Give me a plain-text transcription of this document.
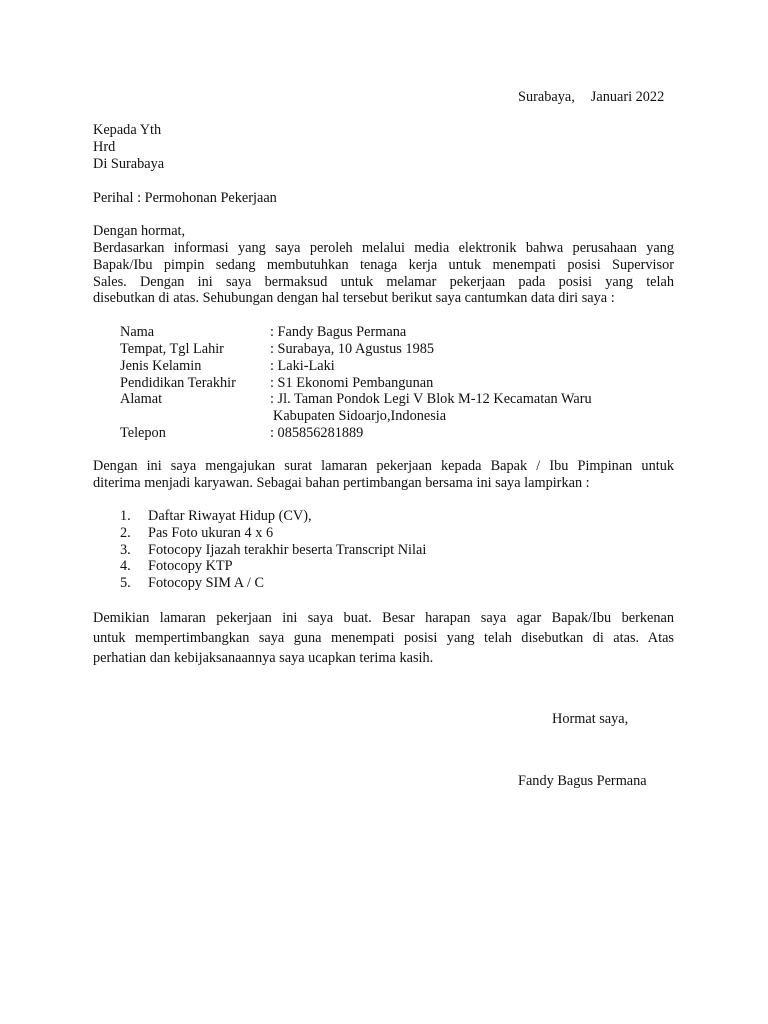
Surabaya, Januari 2022
Kepada Yth
Hrd
Di Surabaya
Perihal : Permohonan Pekerjaan
Dengan hormat,
Berdasarkan informasi yang saya peroleh melalui media elektronik bahwa perusahaan yang
Bapak/Ibu pimpin sedang membutuhkan tenaga kerja untuk menempati posisi Supervisor
Sales. Dengan ini saya bermaksud untuk melamar pekerjaan pada posisi yang telah
disebutkan di atas. Sehubungan dengan hal tersebut berikut saya cantumkan data diri saya :
Nama	: Fandy Bagus Permana
Tempat, Tgl Lahir	: Surabaya, 10 Agustus 1985
Jenis Kelamin	: Laki-Laki
Pendidikan Terakhir : S1 Ekonomi Pembangunan
Alamat	: Jl. Taman Pondok Legi V Blok M-12 Kecamatan Waru
Kabupaten Sidoarjo,Indonesia
Telepon	: 085856281889
Dengan ini saya mengajukan surat lamaran pekerjaan kepada Bapak / Ibu Pimpinan untuk
diterima menjadi karyawan. Sebagai bahan pertimbangan bersama ini saya lampirkan :
1. Daftar Riwayat Hidup (CV),
2. Pas Foto ukuran 4 x 6
3. Fotocopy Ijazah terakhir beserta Transcript Nilai
4. Fotocopy KTP
5. Fotocopy SIM A / C
Demikian lamaran pekerjaan ini saya buat. Besar harapan saya agar Bapak/Ibu berkenan
untuk mempertimbangkan saya guna menempati posisi yang telah disebutkan di atas. Atas
perhatian dan kebijaksanaannya saya ucapkan terima kasih.
Hormat saya,
Fandy Bagus Permana
